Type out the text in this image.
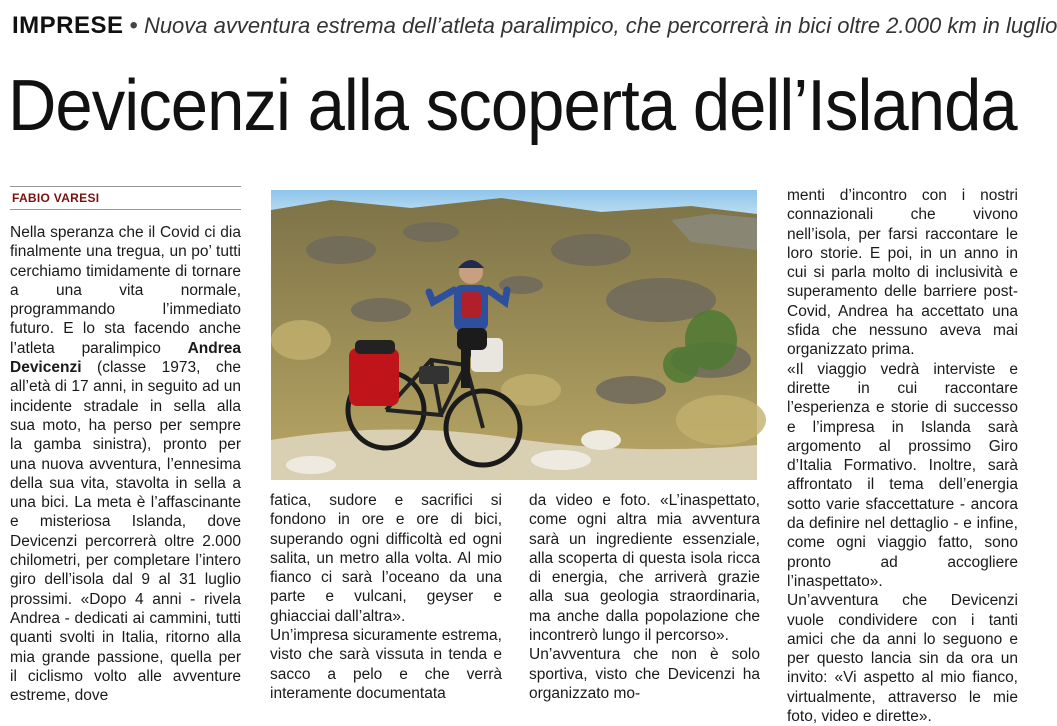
IMPRESE • Nuova avventura estrema dell’atleta paralimpico, che percorrerà in bici oltre 2.000 km in luglio
Devicenzi alla scoperta dell’Islanda
FABIO VARESI

Nella speranza che il Covid ci dia finalmente una tregua, un po’ tutti cerchiamo timidamente di tornare a una vita normale, programmando l’immediato futuro. E lo sta facendo anche l’atleta paralimpico Andrea Devicenzi (classe 1973, che all’età di 17 anni, in seguito ad un incidente stradale in sella alla sua moto, ha perso per sempre la gamba sinistra), pronto per una nuova avventura, l’ennesima della sua vita, stavolta in sella a una bici. La meta è l’affascinante e misteriosa Islanda, dove Devicenzi percorrerà oltre 2.000 chilometri, per completare l’intero giro dell’isola dal 9 al 31 luglio prossimi. «Dopo 4 anni - rivela Andrea - dedicati ai cammini, tutti quanti svolti in Italia, ritorno alla mia grande passione, quella per il ciclismo volto alle avventure estreme, dove

fatica, sudore e sacrifici si fondono in ore e ore di bici, superando ogni difficoltà ed ogni salita, un metro alla volta. Al mio fianco ci sarà l’oceano da una parte e vulcani, geyser e ghiacciai dall’altra».

Un’impresa sicuramente estrema, visto che sarà vissuta in tenda e sacco a pelo e che verrà interamente documentata

da video e foto. «L’inaspettato, come ogni altra mia avventura sarà un ingrediente essenziale, alla scoperta di questa isola ricca di energia, che arriverà grazie alla sua geologia straordinaria, ma anche dalla popolazione che incontrerò lungo il percorso».

Un’avventura che non è solo sportiva, visto che Devicenzi ha organizzato mo-

menti d’incontro con i nostri connazionali che vivono nell’isola, per farsi raccontare le loro storie. E poi, in un anno in cui si parla molto di inclusività e superamento delle barriere post-Covid, Andrea ha accettato una sfida che nessuno aveva mai organizzato prima.

«Il viaggio vedrà interviste e dirette in cui raccontare l’esperienza e storie di successo e l’impresa in Islanda sarà argomento al prossimo Giro d’Italia Formativo. Inoltre, sarà affrontato il tema dell’energia sotto varie sfaccettature - ancora da definire nel dettaglio - e infine, come ogni viaggio fatto, sono pronto ad accogliere l’inaspettato».

Un’avventura che Devicenzi vuole condividere con i tanti amici che da anni lo seguono e per questo lancia sin da ora un invito: «Vi aspetto al mio fianco, virtualmente, attraverso le mie foto, video e dirette».
